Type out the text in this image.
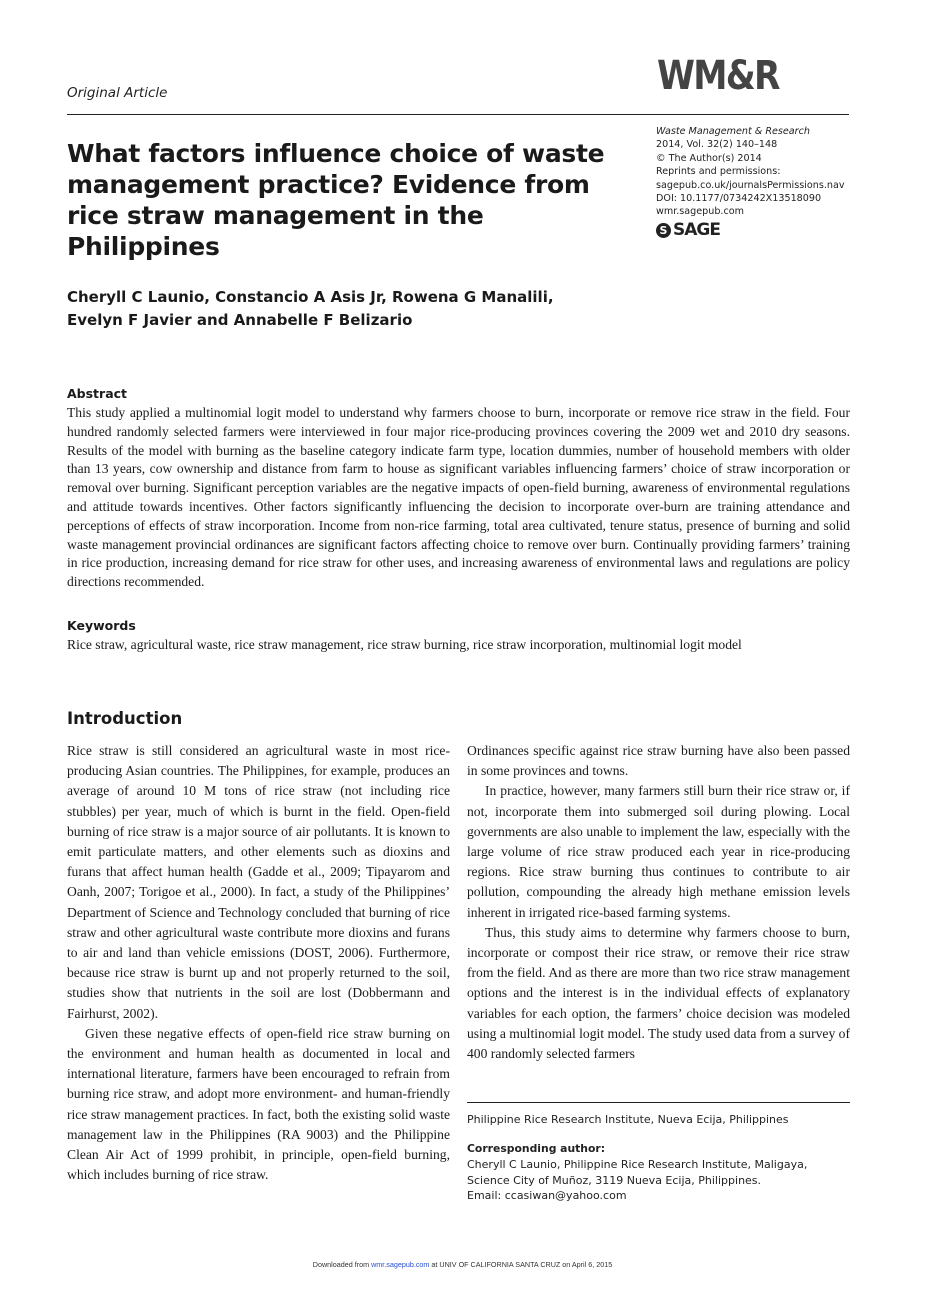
Original Article	WM&R
What factors influence choice of waste management practice? Evidence from rice straw management in the Philippines
Waste Management & Research
2014, Vol. 32(2) 140–148
© The Author(s) 2014
Reprints and permissions:
sagepub.co.uk/journalsPermissions.nav
DOI: 10.1177/0734242X13518090
wmr.sagepub.com
S SAGE
Cheryll C Launio, Constancio A Asis Jr, Rowena G Manalili,
Evelyn F Javier and Annabelle F Belizario
Abstract

This study applied a multinomial logit model to understand why farmers choose to burn, incorporate or remove rice straw in the field. Four hundred randomly selected farmers were interviewed in four major rice-producing provinces covering the 2009 wet and 2010 dry seasons. Results of the model with burning as the baseline category indicate farm type, location dummies, number of household members with older than 13 years, cow ownership and distance from farm to house as significant variables influencing farmers’ choice of straw incorporation or removal over burning. Significant perception variables are the negative impacts of open-field burning, awareness of environmental regulations and attitude towards incentives. Other factors significantly influencing the decision to incorporate over-burn are training attendance and perceptions of effects of straw incorporation. Income from non-rice farming, total area cultivated, tenure status, presence of burning and solid waste management provincial ordinances are significant factors affecting choice to remove over burn. Continually providing farmers’ training in rice production, increasing demand for rice straw for other uses, and increasing awareness of environmental laws and regulations are policy directions recommended.

Keywords

Rice straw, agricultural waste, rice straw management, rice straw burning, rice straw incorporation, multinomial logit model

Introduction

Rice straw is still considered an agricultural waste in most rice-producing Asian countries. The Philippines, for example, produces an average of around 10 M tons of rice straw (not including rice stubbles) per year, much of which is burnt in the field. Open-field burning of rice straw is a major source of air pollutants. It is known to emit particulate matters, and other elements such as dioxins and furans that affect human health (Gadde et al., 2009; Tipayarom and Oanh, 2007; Torigoe et al., 2000). In fact, a study of the Philippines’ Department of Science and Technology concluded that burning of rice straw and other agricultural waste contribute more dioxins and furans to air and land than vehicle emissions (DOST, 2006). Furthermore, because rice straw is burnt up and not properly returned to the soil, studies show that nutrients in the soil are lost (Dobbermann and Fairhurst, 2002).

Given these negative effects of open-field rice straw burning on the environment and human health as documented in local and international literature, farmers have been encouraged to refrain from burning rice straw, and adopt more environment- and human-friendly rice straw management practices. In fact, both the existing solid waste management law in the Philippines (RA 9003) and the Philippine Clean Air Act of 1999 prohibit, in principle, open-field burning, which includes burning of rice straw.

Ordinances specific against rice straw burning have also been passed in some provinces and towns.

In practice, however, many farmers still burn their rice straw or, if not, incorporate them into submerged soil during plowing. Local governments are also unable to implement the law, especially with the large volume of rice straw produced each year in rice-producing regions. Rice straw burning thus continues to contribute to air pollution, compounding the already high methane emission levels inherent in irrigated rice-based farming systems.

Thus, this study aims to determine why farmers choose to burn, incorporate or compost their rice straw, or remove their rice straw from the field. And as there are more than two rice straw management options and the interest is in the individual effects of explanatory variables for each option, the farmers’ choice decision was modeled using a multinomial logit model. The study used data from a survey of 400 randomly selected farmers

Philippine Rice Research Institute, Nueva Ecija, Philippines
Corresponding author:
Cheryll C Launio, Philippine Rice Research Institute, Maligaya,
Science City of Muñoz, 3119 Nueva Ecija, Philippines.
Email: ccasiwan@yahoo.com
Downloaded from wmr.sagepub.com at UNIV OF CALIFORNIA SANTA CRUZ on April 6, 2015
